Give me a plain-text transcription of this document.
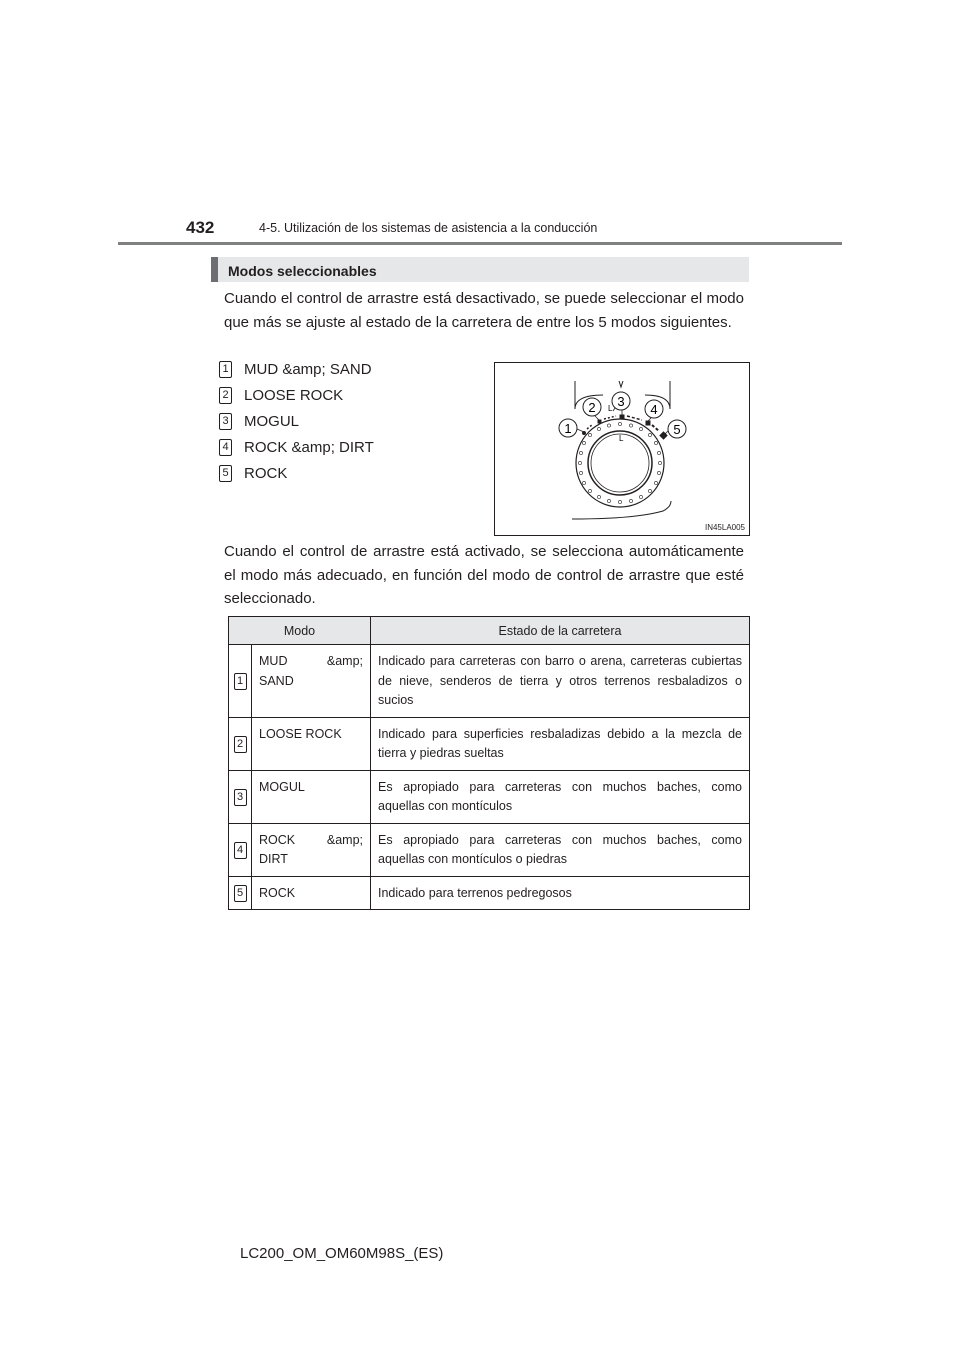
432	4-5. Utilización de los sistemas de asistencia a la conducción
Modos seleccionables

Cuando el control de arrastre está desactivado, se puede seleccionar el modo que más se ajuste al estado de la carretera de entre los 5 modos siguientes.

1 MUD &amp; SAND
2 LOOSE ROCK
3 MOGUL
4 ROCK &amp; DIRT
5 ROCK
L
L
1
2 3
4
5
IN45LA005

Cuando el control de arrastre está activado, se selecciona automáticamente el modo más adecuado, en función del modo de control de arrastre que esté seleccionado.

Modo		Estado de la carretera
1	MUD &amp; SAND	Indicado para carreteras con barro o arena, carreteras cubiertas de nieve, senderos de tierra y otros terrenos resbaladizos o sucios
2	LOOSE ROCK	Indicado para superficies resbaladizas debido a la mezcla de tierra y piedras sueltas
3	MOGUL	Es apropiado para carreteras con muchos baches, como aquellas con montículos
4	ROCK &amp; DIRT	Es apropiado para carreteras con muchos baches, como aquellas con montículos o piedras
5	ROCK	Indicado para terrenos pedregosos
LC200_OM_OM60M98S_(ES)
